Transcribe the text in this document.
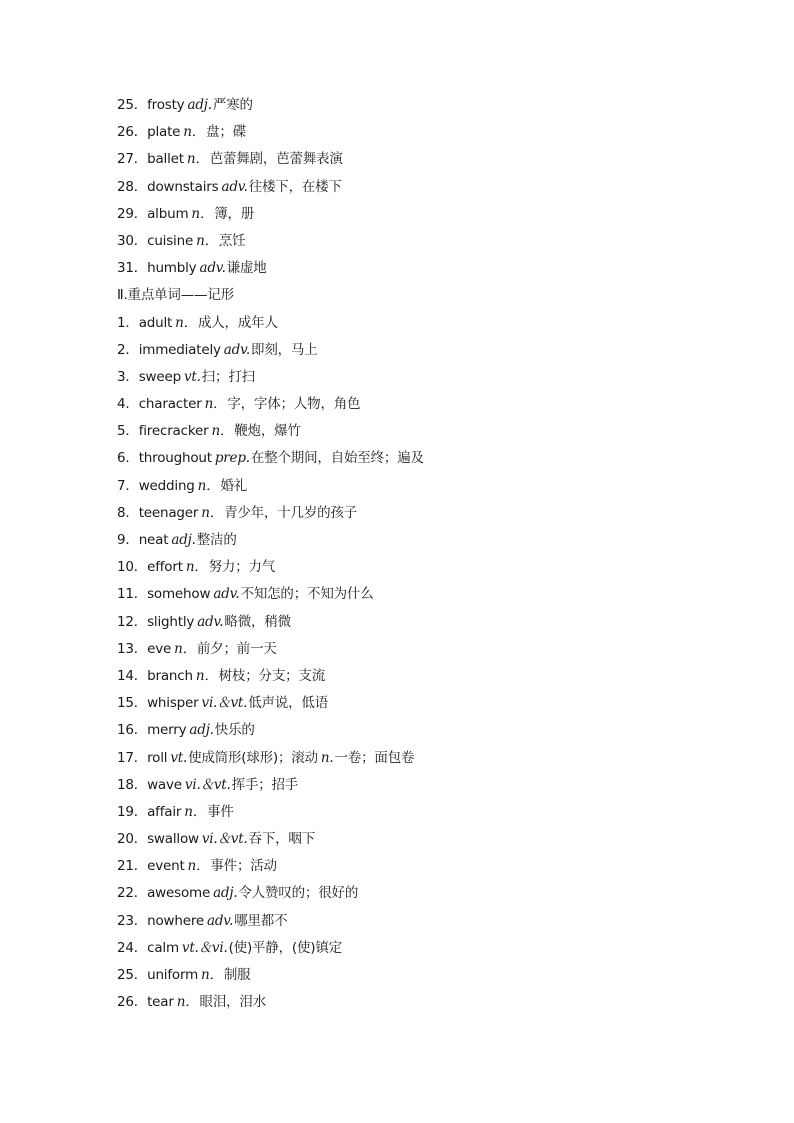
25．frosty adj.严寒的
26．plate n．盘；碟
27．ballet n．芭蕾舞剧，芭蕾舞表演
28．downstairs adv.往楼下，在楼下
29．album n．簿，册
30．cuisine n．烹饪
31．humbly adv.谦虚地
Ⅱ.重点单词——记形
1．adult n．成人，成年人
2．immediately adv.即刻，马上
3．sweep vt.扫；打扫
4．character n．字，字体；人物，角色
5．firecracker n．鞭炮，爆竹
6．throughout prep.在整个期间，自始至终；遍及
7．wedding n．婚礼
8．teenager n．青少年，十几岁的孩子
9．neat adj.整洁的
10．effort n．努力；力气
11．somehow adv.不知怎的；不知为什么
12．slightly adv.略微，稍微
13．eve n．前夕；前一天
14．branch n．树枝；分支；支流
15．whisper vi.＆vt.低声说，低语
16．merry adj.快乐的
17．roll vt.使成筒形(球形)；滚动 n.一卷；面包卷
18．wave vi.＆vt.挥手；招手
19．affair n．事件
20．swallow vi.＆vt.吞下，咽下
21．event n．事件；活动
22．awesome adj.令人赞叹的；很好的
23．nowhere adv.哪里都不
24．calm vt.＆vi.(使)平静，(使)镇定
25．uniform n．制服
26．tear n．眼泪，泪水
